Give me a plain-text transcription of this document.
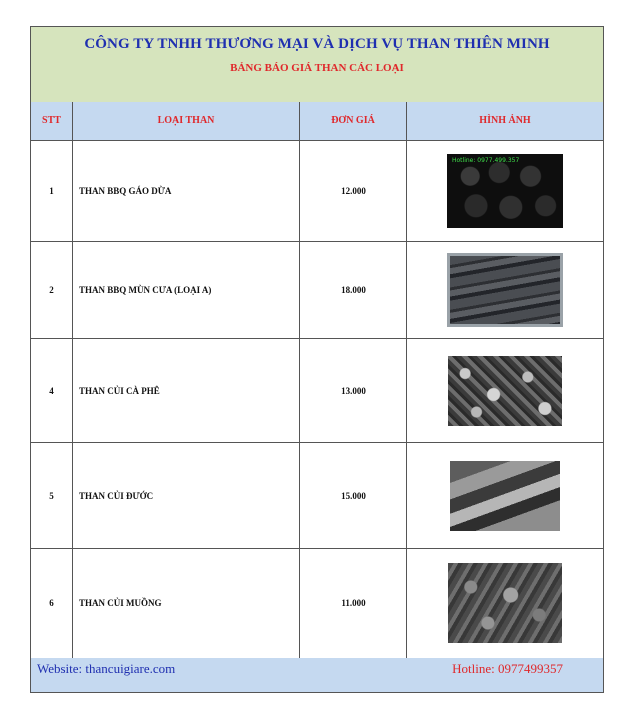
CÔNG TY TNHH THƯƠNG MẠI VÀ DỊCH VỤ THAN THIÊN MINH
BẢNG BÁO GIÁ THAN CÁC LOẠI
STT	LOẠI THAN	ĐƠN GIÁ	HÌNH ẢNH
1	THAN BBQ GÁO DỪA	12.000
Hotline: 0977.499.357
2	THAN BBQ MÙN CƯA (LOẠI A)	18.000
4	THAN CỦI CÀ PHÊ	13.000
5	THAN CỦI ĐƯỚC	15.000
6	THAN CỦI MUỒNG	11.000
Website: thancuigiare.com	Hotline: 0977499357
